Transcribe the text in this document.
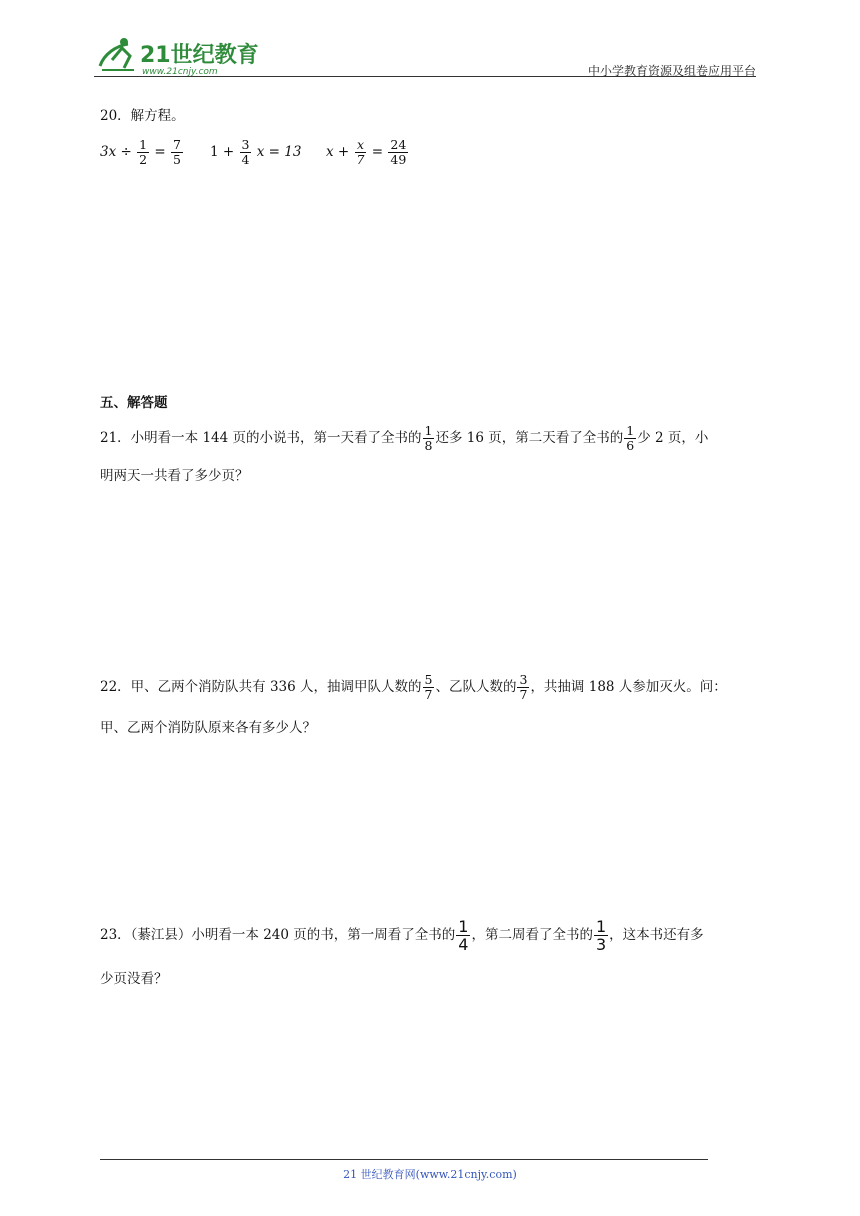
21世纪教育
www.21cnjy.com	中小学教育资源及组卷应用平台
20．解方程。
$3x \div \frac{1}{2} = \frac{7}{5} 1 + \frac{3}{4}$ x = 13 $x + \frac{x}{7} = \frac{24}{49}$
五、解答题
21．小明看一本 144 页的小说书，第一天看了全书的 $\frac{1}{8}$ 还多 16 页，第二天看了全书的 $\frac{1}{6}$ 少 2 页，小
明两天一共看了多少页？
22．甲、乙两个消防队共有 336 人，抽调甲队人数的 $\frac{5}{7}$ 、乙队人数的 $\frac{3}{7}$ ，共抽调 188 人参加灭火。问：
甲、乙两个消防队原来各有多少人？
23．（綦江县）小明看一本 240 页的书，第一周看了全书的 $\frac{1}{4}$ ，第二周看了全书的 $\frac{1}{3}$ ，这本书还有多
少页没看？
21 世纪教育网(www.21cnjy.com)
